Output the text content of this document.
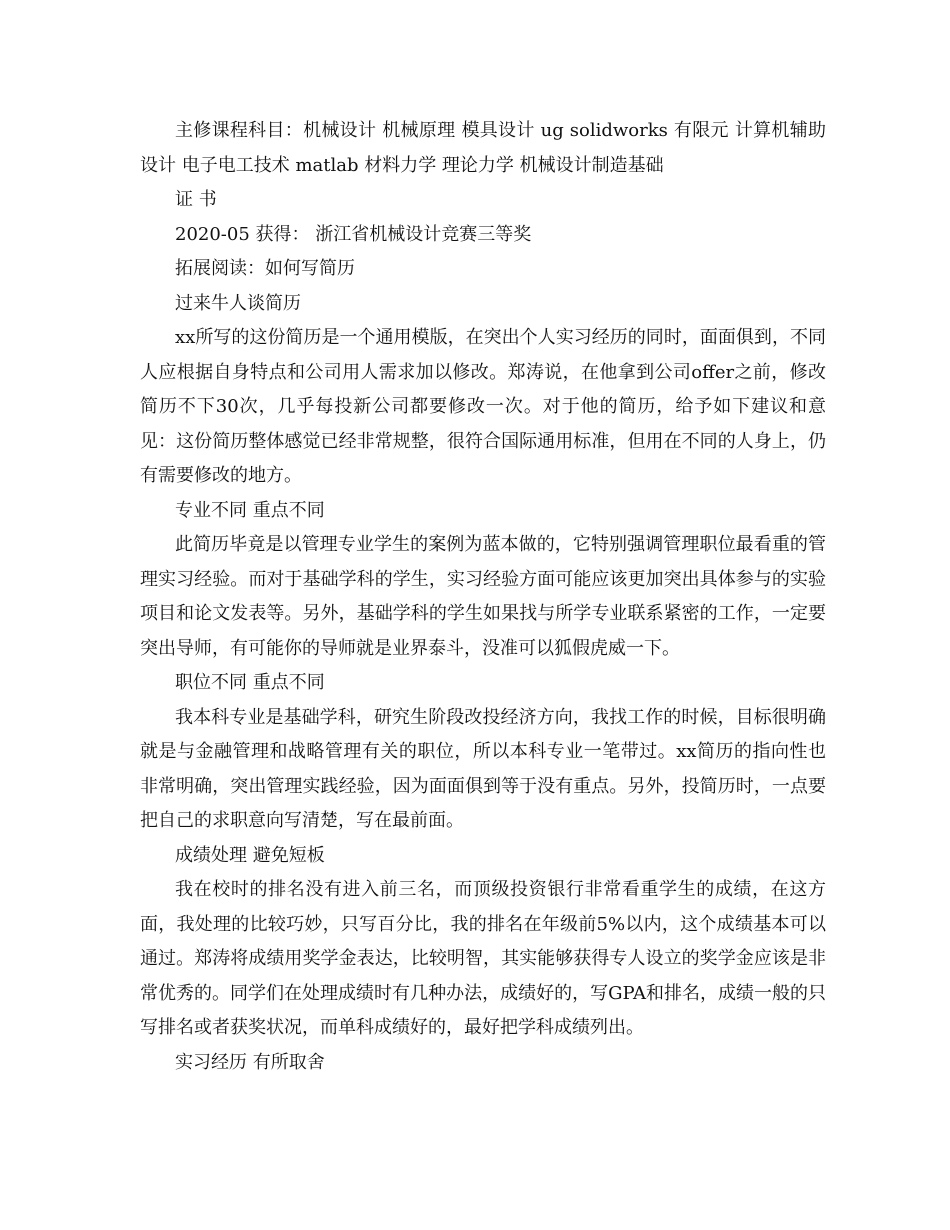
主修课程科目：机械设计 机械原理 模具设计 ug solidworks 有限元 计算机辅助设计 电子电工技术 matlab 材料力学 理论力学 机械设计制造基础

证 书

2020-05 获得： 浙江省机械设计竞赛三等奖

拓展阅读：如何写简历

过来牛人谈简历

xx所写的这份简历是一个通用模版，在突出个人实习经历的同时，面面俱到，不同人应根据自身特点和公司用人需求加以修改。郑涛说，在他拿到公司offer之前，修改简历不下30次，几乎每投新公司都要修改一次。对于他的简历，给予如下建议和意见：这份简历整体感觉已经非常规整，很符合国际通用标准，但用在不同的人身上，仍有需要修改的地方。

专业不同 重点不同

此简历毕竟是以管理专业学生的案例为蓝本做的，它特别强调管理职位最看重的管理实习经验。而对于基础学科的学生，实习经验方面可能应该更加突出具体参与的实验项目和论文发表等。另外，基础学科的学生如果找与所学专业联系紧密的工作，一定要突出导师，有可能你的导师就是业界泰斗，没准可以狐假虎威一下。

职位不同 重点不同

我本科专业是基础学科，研究生阶段改投经济方向，我找工作的时候，目标很明确就是与金融管理和战略管理有关的职位，所以本科专业一笔带过。xx简历的指向性也非常明确，突出管理实践经验，因为面面俱到等于没有重点。另外，投简历时，一点要把自己的求职意向写清楚，写在最前面。

成绩处理 避免短板

我在校时的排名没有进入前三名，而顶级投资银行非常看重学生的成绩，在这方面，我处理的比较巧妙，只写百分比，我的排名在年级前5%以内，这个成绩基本可以通过。郑涛将成绩用奖学金表达，比较明智，其实能够获得专人设立的奖学金应该是非常优秀的。同学们在处理成绩时有几种办法，成绩好的，写GPA和排名，成绩一般的只写排名或者获奖状况，而单科成绩好的，最好把学科成绩列出。

实习经历 有所取舍
